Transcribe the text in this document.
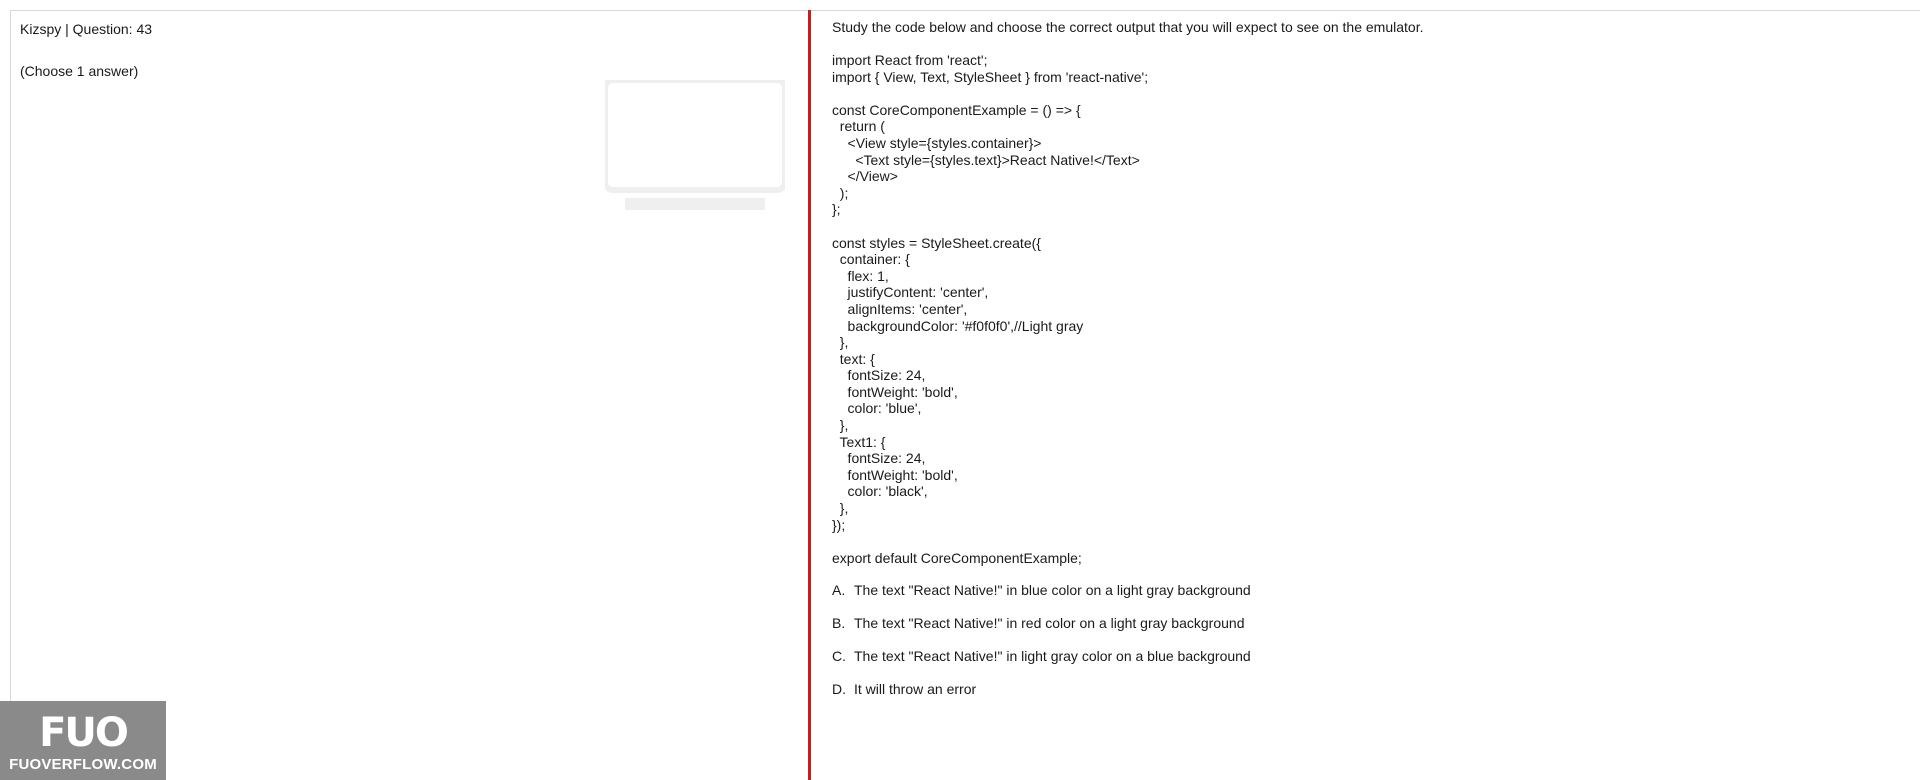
Kizspy | Question: 43
(Choose 1 answer)
Study the code below and choose the correct output that you will expect to see on the emulator.
import React from 'react';
import { View, Text, StyleSheet } from 'react-native';
const CoreComponentExample = () => {
return (
<View style={styles.container}>
<Text style={styles.text}>React Native!</Text>
</View>
);
};
const styles = StyleSheet.create({
container: {
flex: 1,
justifyContent: 'center',
alignItems: 'center',
backgroundColor: '#f0f0f0',//Light gray
},
text: {
fontSize: 24,
fontWeight: 'bold',
color: 'blue',
},
Text1: {
fontSize: 24,
fontWeight: 'bold',
color: 'black',
},
});
export default CoreComponentExample;
A. The text "React Native!" in blue color on a light gray background
B. The text "React Native!" in red color on a light gray background
C. The text "React Native!" in light gray color on a blue background
D. It will throw an error
FUO
FUOVERFLOW.COM
